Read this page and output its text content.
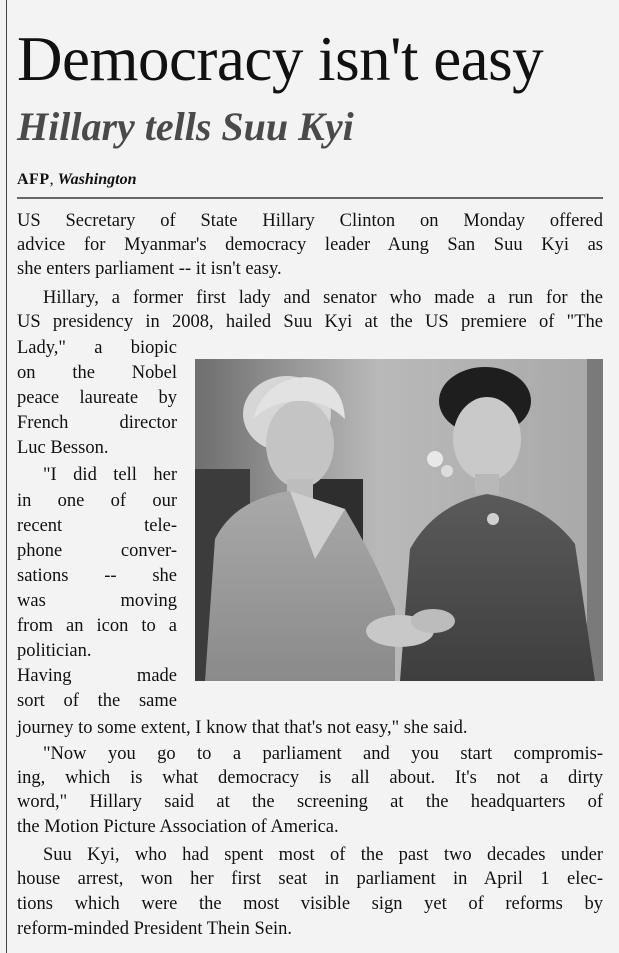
Democracy isn't easy
Hillary tells Suu Kyi
AFP, Washington
US Secretary of State Hillary Clinton on Monday offered
advice for Myanmar's democracy leader Aung San Suu Kyi as
she enters parliament -- it isn't easy.
Hillary, a former first lady and senator who made a run for the
US presidency in 2008, hailed Suu Kyi at the US premiere of "The
Lady," a biopic
on the Nobel
peace laureate by
French director
Luc Besson.
"I did tell her
in one of our
recent tele-
phone conver-
sations -- she
was moving
from an icon to a
politician.
Having made
sort of the same
journey to some extent, I know that that's not easy," she said.
"Now you go to a parliament and you start compromis-
ing, which is what democracy is all about. It's not a dirty
word," Hillary said at the screening at the headquarters of
the Motion Picture Association of America.
Suu Kyi, who had spent most of the past two decades under
house arrest, won her first seat in parliament in April 1 elec-
tions which were the most visible sign yet of reforms by
reform-minded President Thein Sein.
